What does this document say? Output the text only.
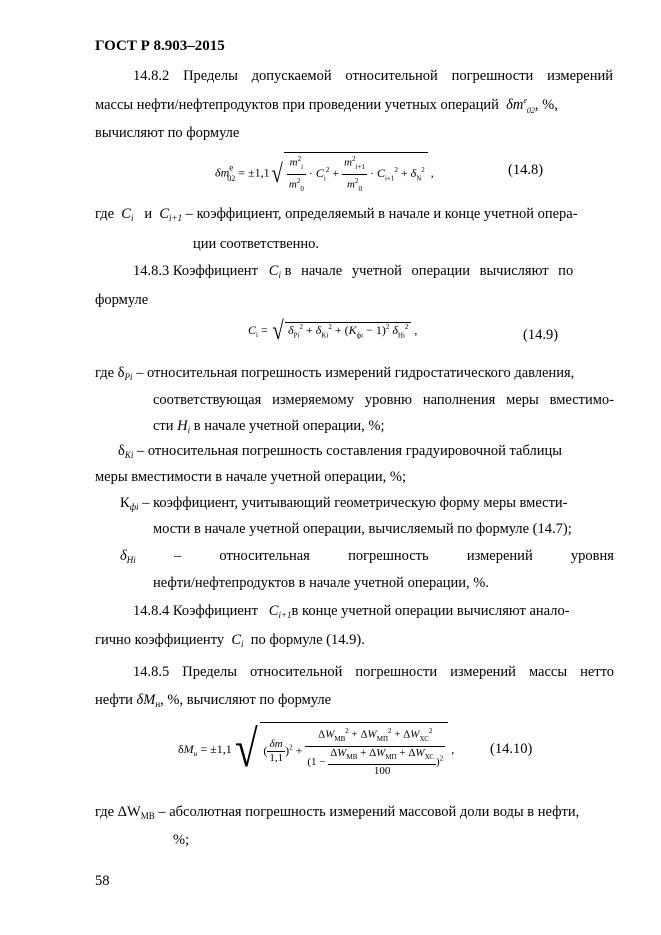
ГОСТ Р 8.903–2015
14.8.2 Пределы допускаемой относительной погрешности измерений
массы нефти/нефтепродуктов при проведении учетных операций  $\delta m^e_{02}$, %,
вычисляют по формуле
$\delta m^e_{02} = \pm 1,1√ \frac{m^2_i}{m^2_0} \cdot C_i^2 + \frac{m^2_{i+1}}{m^2_0} \cdot C_{i+1}^2 + \delta_N^2$ ,	(14.8)
где $C_i$ и $C_{i+1}$ – коэффициент, определяемый в начале и конце учетной опера-
ции соответственно.
14.8.3 Коэффициент $C_i$ в начале учетной операции вычисляют по
формуле
$C_i$ = √ $\delta_{Pi}^2 + \delta_{Ki}^2 + (K_{фi} - 1)^2$ $\delta_{Hi}^2$ ,	(14.9)
где $\delta_{Pi}$ – относительная погрешность измерений гидростатического давления,
соответствующая измеряемому уровню наполнения меры вместимо-
сти $H_i$ в начале учетной операции, %;
$\delta_{Ki}$ – относительная погрешность составления градуировочной таблицы
меры вместимости в начале учетной операции, %;
$К_{фi}$ – коэффициент, учитывающий геометрическую форму меры вмести-
мости в начале учетной операции, вычисляемый по формуле (14.7);
$\delta_{Hi}$	–	относительная	погрешность	измерений	уровня
нефти/нефтепродуктов в начале учетной операции, %.
14.8.4 Коэффициент $C_{i+1}в$ конце учетной операции вычисляют анало-
гично коэффициенту $C_i$ по формуле (14.9).
14.8.5 Пределы относительной погрешности измерений массы нетто
нефти $\delta M_н$, %, вычисляют по формуле
$\delta M_н = \pm 1,1√$ ( $\frac{\delta m}{1,1} )^2 + \frac{\Delta W_{МВ}^2 + \Delta W_{МП}^2 + \Delta W_{ХС}^2}{(1 - \frac{\Delta W_{МВ} + \Delta W_{МП} + \Delta W_{ХС}}{100} )^2}$ , (14.10)
где $\Delta W_{МВ}$ – абсолютная погрешность измерений массовой доли воды в нефти,
%;
58
